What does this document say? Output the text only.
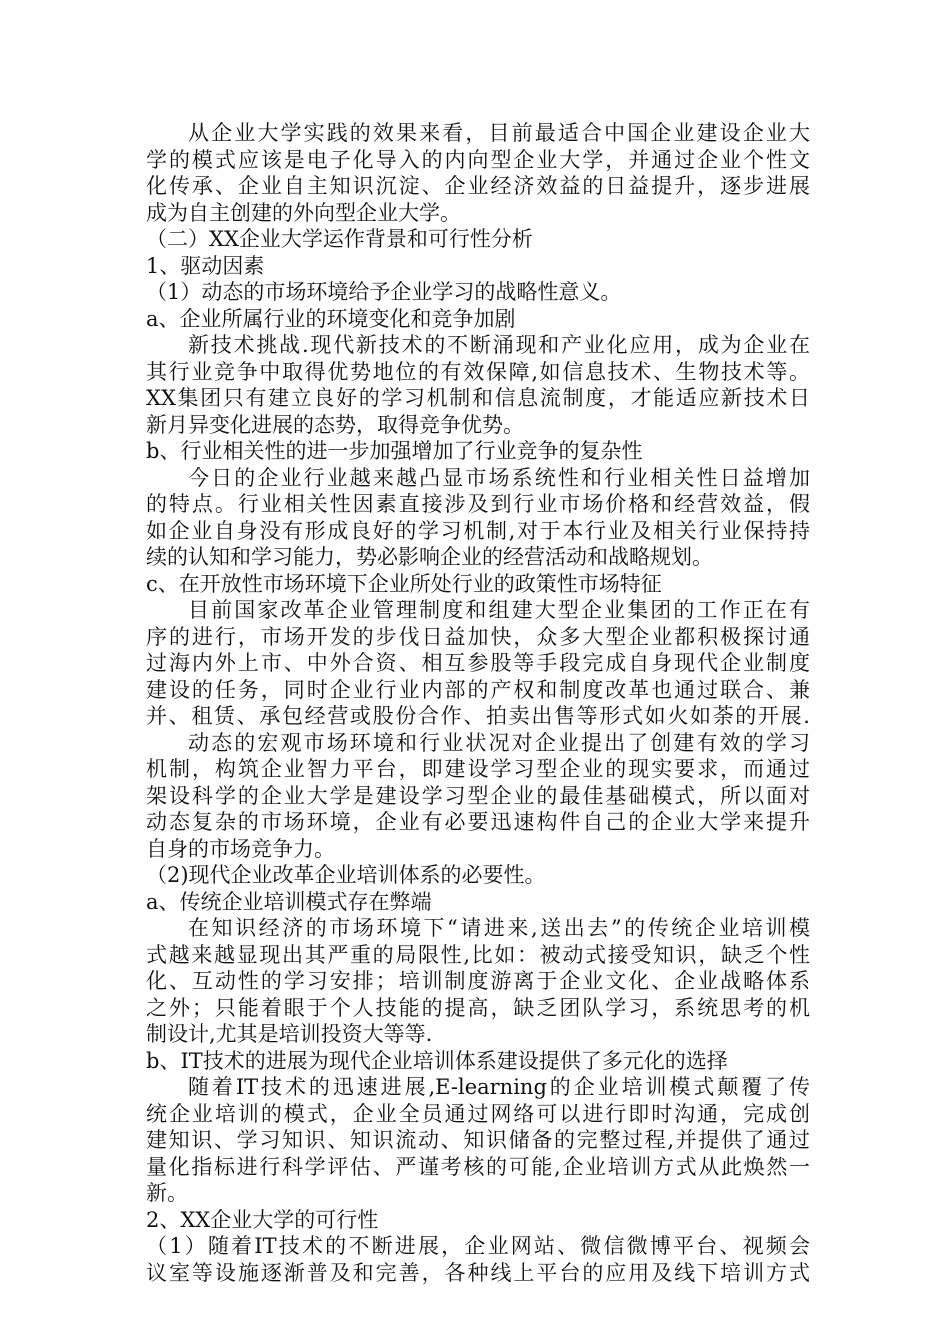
从企业大学实践的效果来看，目前最适合中国企业建设企业大
学的模式应该是电子化导入的内向型企业大学，并通过企业个性文
化传承、企业自主知识沉淀、企业经济效益的日益提升，逐步进展
成为自主创建的外向型企业大学。
（二）XX企业大学运作背景和可行性分析
1、驱动因素
（1）动态的市场环境给予企业学习的战略性意义。
a、企业所属行业的环境变化和竞争加剧
新技术挑战.现代新技术的不断涌现和产业化应用，成为企业在
其行业竞争中取得优势地位的有效保障,如信息技术、生物技术等。
XX集团只有建立良好的学习机制和信息流制度，才能适应新技术日
新月异变化进展的态势，取得竞争优势。
b、行业相关性的进一步加强增加了行业竞争的复杂性
今日的企业行业越来越凸显市场系统性和行业相关性日益增加
的特点。行业相关性因素直接涉及到行业市场价格和经营效益，假
如企业自身没有形成良好的学习机制,对于本行业及相关行业保持持
续的认知和学习能力，势必影响企业的经营活动和战略规划。
c、在开放性市场环境下企业所处行业的政策性市场特征
目前国家改革企业管理制度和组建大型企业集团的工作正在有
序的进行，市场开发的步伐日益加快，众多大型企业都积极探讨通
过海内外上市、中外合资、相互参股等手段完成自身现代企业制度
建设的任务，同时企业行业内部的产权和制度改革也通过联合、兼
并、租赁、承包经营或股份合作、拍卖出售等形式如火如荼的开展.
动态的宏观市场环境和行业状况对企业提出了创建有效的学习
机制，构筑企业智力平台，即建设学习型企业的现实要求，而通过
架设科学的企业大学是建设学习型企业的最佳基础模式，所以面对
动态复杂的市场环境，企业有必要迅速构件自己的企业大学来提升
自身的市场竞争力。
（2)现代企业改革企业培训体系的必要性。
a、传统企业培训模式存在弊端
在知识经济的市场环境下“请进来,送出去”的传统企业培训模
式越来越显现出其严重的局限性,比如：被动式接受知识，缺乏个性
化、互动性的学习安排；培训制度游离于企业文化、企业战略体系
之外；只能着眼于个人技能的提高，缺乏团队学习，系统思考的机
制设计,尤其是培训投资大等等.
b、IT技术的进展为现代企业培训体系建设提供了多元化的选择
随着IT技术的迅速进展,E-learning的企业培训模式颠覆了传
统企业培训的模式，企业全员通过网络可以进行即时沟通，完成创
建知识、学习知识、知识流动、知识储备的完整过程,并提供了通过
量化指标进行科学评估、严谨考核的可能,企业培训方式从此焕然一
新。
2、XX企业大学的可行性
（1）随着IT技术的不断进展，企业网站、微信微博平台、视频会
议室等设施逐渐普及和完善，各种线上平台的应用及线下培训方式
